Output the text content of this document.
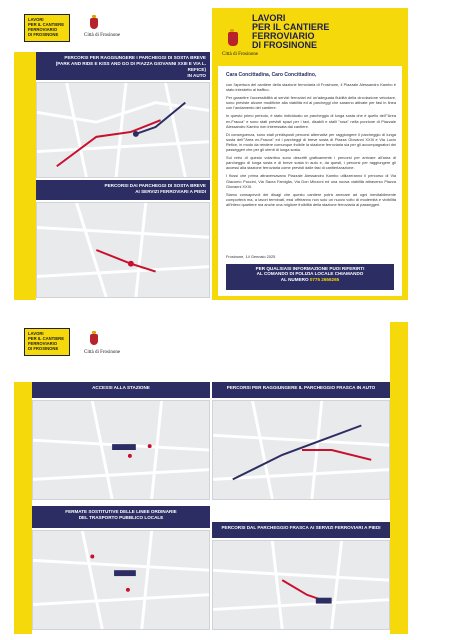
LAVORI
PER IL CANTIERE
FERROVIARIO
DI FROSINONE	Città di Frosinone
PERCORSI PER RAGGIUNGERE I PARCHEGGI DI SOSTA BREVE
(PARK AND RIDE E KISS AND GO DI PIAZZA GIOVANNI XXIII E VIA L. REFICE)
IN AUTO
PERCORSI DAI PARCHEGGI DI SOSTA BREVE
AI SERVIZI FERROVIARI A PIEDI
Città di Frosinone
LAVORI
PER IL CANTIERE
FERROVIARIO
DI FROSINONE
Cara Concittadina, Caro Concittadino,

con l'apertura del cantiere della stazione ferroviaria di Frosinone, il Piazzale Alessandro Kambo è stato interdetto al traffico.

Per garantire l'accessibilità ai servizi ferroviari ed un'adeguata fluidità della circolazione veicolare, sono previste alcune modifiche alla viabilità ed ai parcheggi che saranno attivate per fasi in linea con l'andamento del cantiere.

In questo primo periodo, è stato individuato un parcheggio di lunga sosta che è quello dell'"Area ex-Fracca" e sono stati previsti spazi per i taxi, disabili e stalli "rosa" nella porzione di Piazzale Alessandro Kambo non interessata dal cantiere.

Di conseguenza, sono stati predisposti percorsi alternativi per raggiungere il parcheggio di lunga sosta dell'"Area ex-Fracca" ed i parcheggi di breve sosta di Piazza Giovanni XXIII e Via Lucio Refice, in modo da rendere comunque fruibile la stazione ferroviaria sia per gli accompagnatori dei passeggeri che per gli utenti di lunga sosta.

Sul retro di questo volantino sono descritti graficamente i percorsi per arrivare all'area di parcheggio di lunga sosta e di breve sosta in auto e, da questi, i percorsi per raggiungere gli accessi alla stazione ferroviaria come previsti dalle fasi di cantierizzazione.

I flussi che prima attraversavano Piazzale Alessandro Kambo utilizzeranno il percorso di Via Giacomo Puccini, Via Sacra Famiglia, Via Don Minzoni ed una nuova viabilità attraverso Piazza Giovanni XXIII.

Siamo consapevoli dei disagi che questo cantiere potrà arrecare ad ogni inevitabilmente comporterà ma, a lavori terminati, essi offriranno non solo un nuovo volto di modernità e vivibilità all'intero quartiere ma anche una migliore fruibilità della stazione ferroviaria ai passeggeri.

Frosinone, 14 Gennaio 2025
PER QUALSIASI INFORMAZIONE PUOI RIFERIRTI
AL COMANDO DI POLIZIA LOCALE CHIAMANDO
AL NUMERO 0775 2656265
LAVORI
PER IL CANTIERE
FERROVIARIO
DI FROSINONE
Città di Frosinone
ACCESSI ALLA STAZIONE
FERMATE SOSTITUTIVE DELLE LINEE ORDINARIE
DEL TRASPORTO PUBBLICO LOCALE
PERCORSI PER RAGGIUNGERE IL PARCHEGGIO FRASCA IN AUTO
PERCORSI DAL PARCHEGGIO FRASCA AI SERVIZI FERROVIARI A PIEDI
